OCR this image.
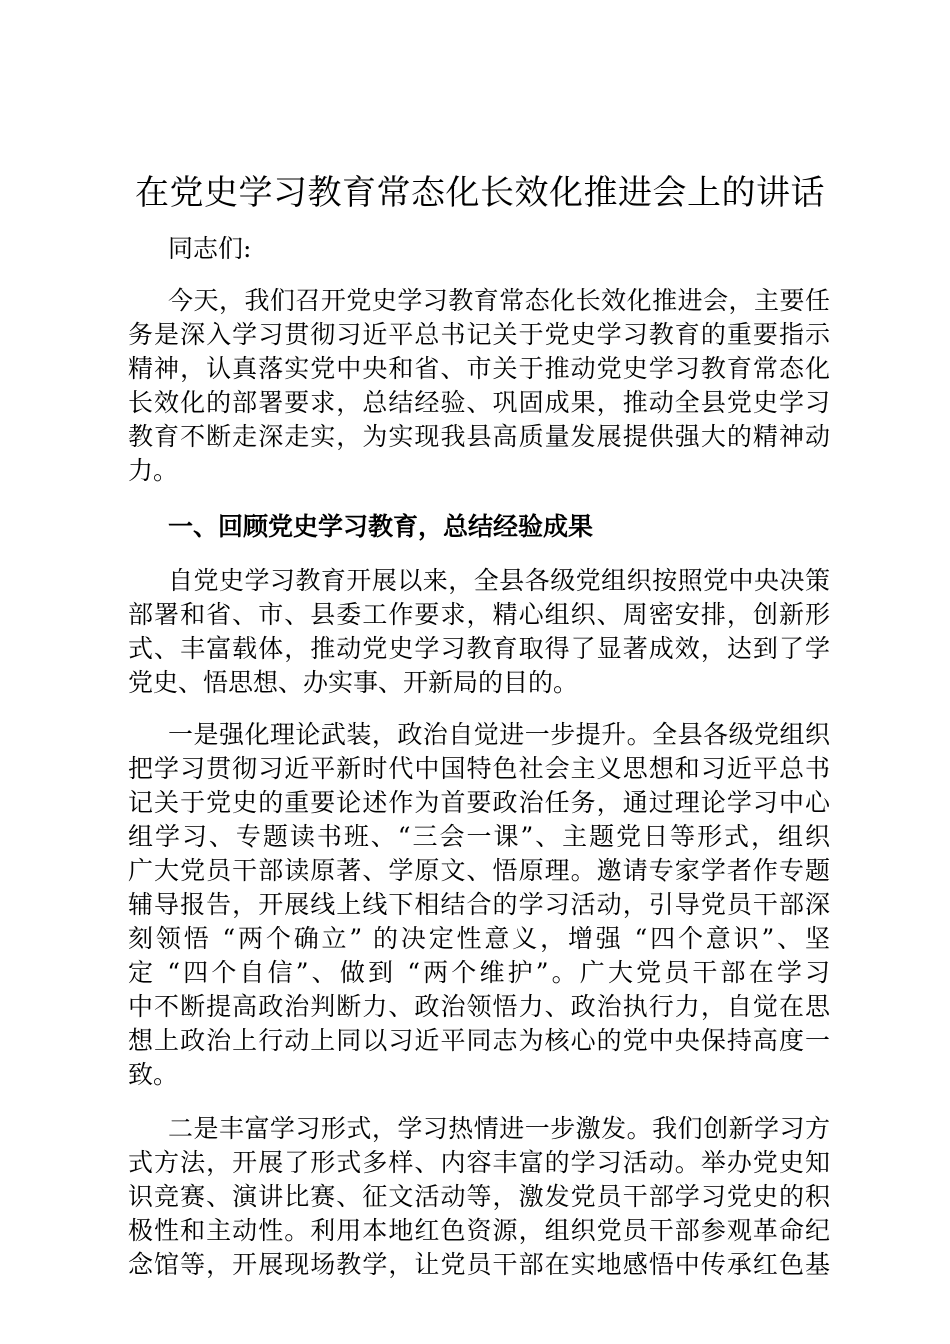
在党史学习教育常态化长效化推进会上的讲话
同志们:
今天，我们召开党史学习教育常态化长效化推进会，主要任
务是深入学习贯彻习近平总书记关于党史学习教育的重要指示
精神，认真落实党中央和省、市关于推动党史学习教育常态化
长效化的部署要求，总结经验、巩固成果，推动全县党史学习
教育不断走深走实，为实现我县高质量发展提供强大的精神动
力。
一、回顾党史学习教育，总结经验成果
自党史学习教育开展以来，全县各级党组织按照党中央决策
部署和省、市、县委工作要求，精心组织、周密安排，创新形
式、丰富载体，推动党史学习教育取得了显著成效，达到了学
党史、悟思想、办实事、开新局的目的。
一是强化理论武装，政治自觉进一步提升。全县各级党组织
把学习贯彻习近平新时代中国特色社会主义思想和习近平总书
记关于党史的重要论述作为首要政治任务，通过理论学习中心
组学习、专题读书班、“三会一课”、主题党日等形式，组织
广大党员干部读原著、学原文、悟原理。邀请专家学者作专题
辅导报告，开展线上线下相结合的学习活动，引导党员干部深
刻领悟 “两个确立” 的决定性意义，增强 “四个意识”、坚
定 “四个自信”、做到 “两个维护”。广大党员干部在学习
中不断提高政治判断力、政治领悟力、政治执行力，自觉在思
想上政治上行动上同以习近平同志为核心的党中央保持高度一
致。
二是丰富学习形式，学习热情进一步激发。我们创新学习方
式方法，开展了形式多样、内容丰富的学习活动。举办党史知
识竞赛、演讲比赛、征文活动等，激发党员干部学习党史的积
极性和主动性。利用本地红色资源，组织党员干部参观革命纪
念馆等，开展现场教学，让党员干部在实地感悟中传承红色基
